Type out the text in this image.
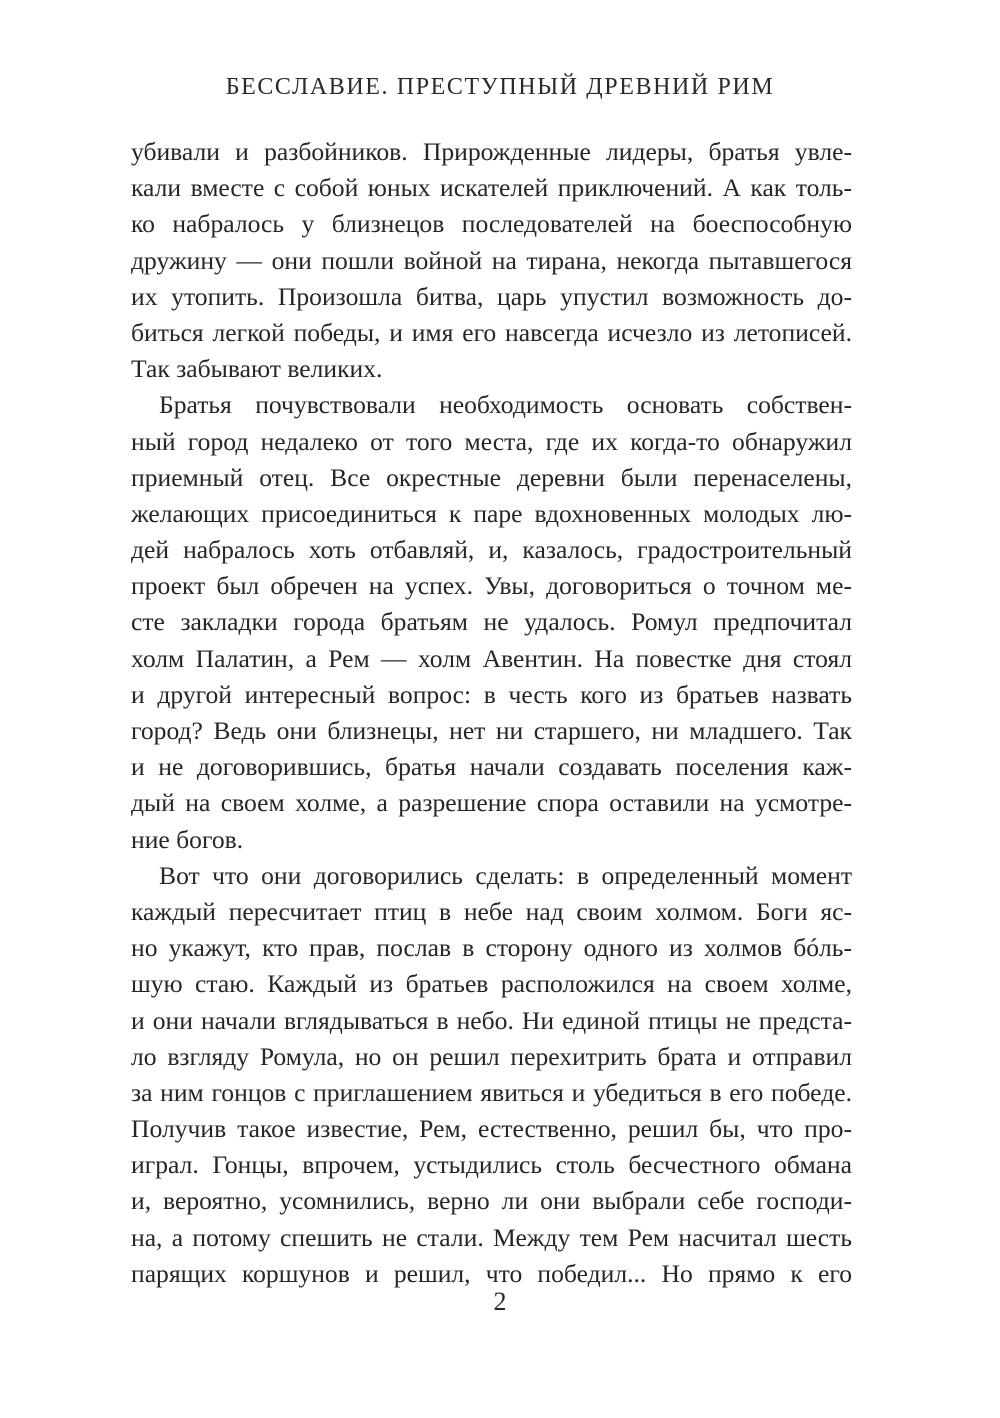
БЕССЛАВИЕ. ПРЕСТУПНЫЙ ДРЕВНИЙ РИМ
убивали и разбойников. Прирожденные лидеры, братья увле-
кали вместе с собой юных искателей приключений. А как толь-
ко набралось у близнецов последователей на боеспособную
дружину — они пошли войной на тирана, некогда пытавшегося
их утопить. Произошла битва, царь упустил возможность до-
биться легкой победы, и имя его навсегда исчезло из летописей.
Так забывают великих.
Братья почувствовали необходимость основать собствен-
ный город недалеко от того места, где их когда-то обнаружил
приемный отец. Все окрестные деревни были перенаселены,
желающих присоединиться к паре вдохновенных молодых лю-
дей набралось хоть отбавляй, и, казалось, градостроительный
проект был обречен на успех. Увы, договориться о точном ме-
сте закладки города братьям не удалось. Ромул предпочитал
холм Палатин, а Рем — холм Авентин. На повестке дня стоял
и другой интересный вопрос: в честь кого из братьев назвать
город? Ведь они близнецы, нет ни старшего, ни младшего. Так
и не договорившись, братья начали создавать поселения каж-
дый на своем холме, а разрешение спора оставили на усмотре-
ние богов.
Вот что они договорились сделать: в определенный момент
каждый пересчитает птиц в небе над своим холмом. Боги яс-
но укажут, кто прав, послав в сторону одного из холмов бóль-
шую стаю. Каждый из братьев расположился на своем холме,
и они начали вглядываться в небо. Ни единой птицы не предста-
ло взгляду Ромула, но он решил перехитрить брата и отправил
за ним гонцов с приглашением явиться и убедиться в его победе.
Получив такое известие, Рем, естественно, решил бы, что про-
играл. Гонцы, впрочем, устыдились столь бесчестного обмана
и, вероятно, усомнились, верно ли они выбрали себе господи-
на, а потому спешить не стали. Между тем Рем насчитал шесть
парящих коршунов и решил, что победил... Но прямо к его
2
